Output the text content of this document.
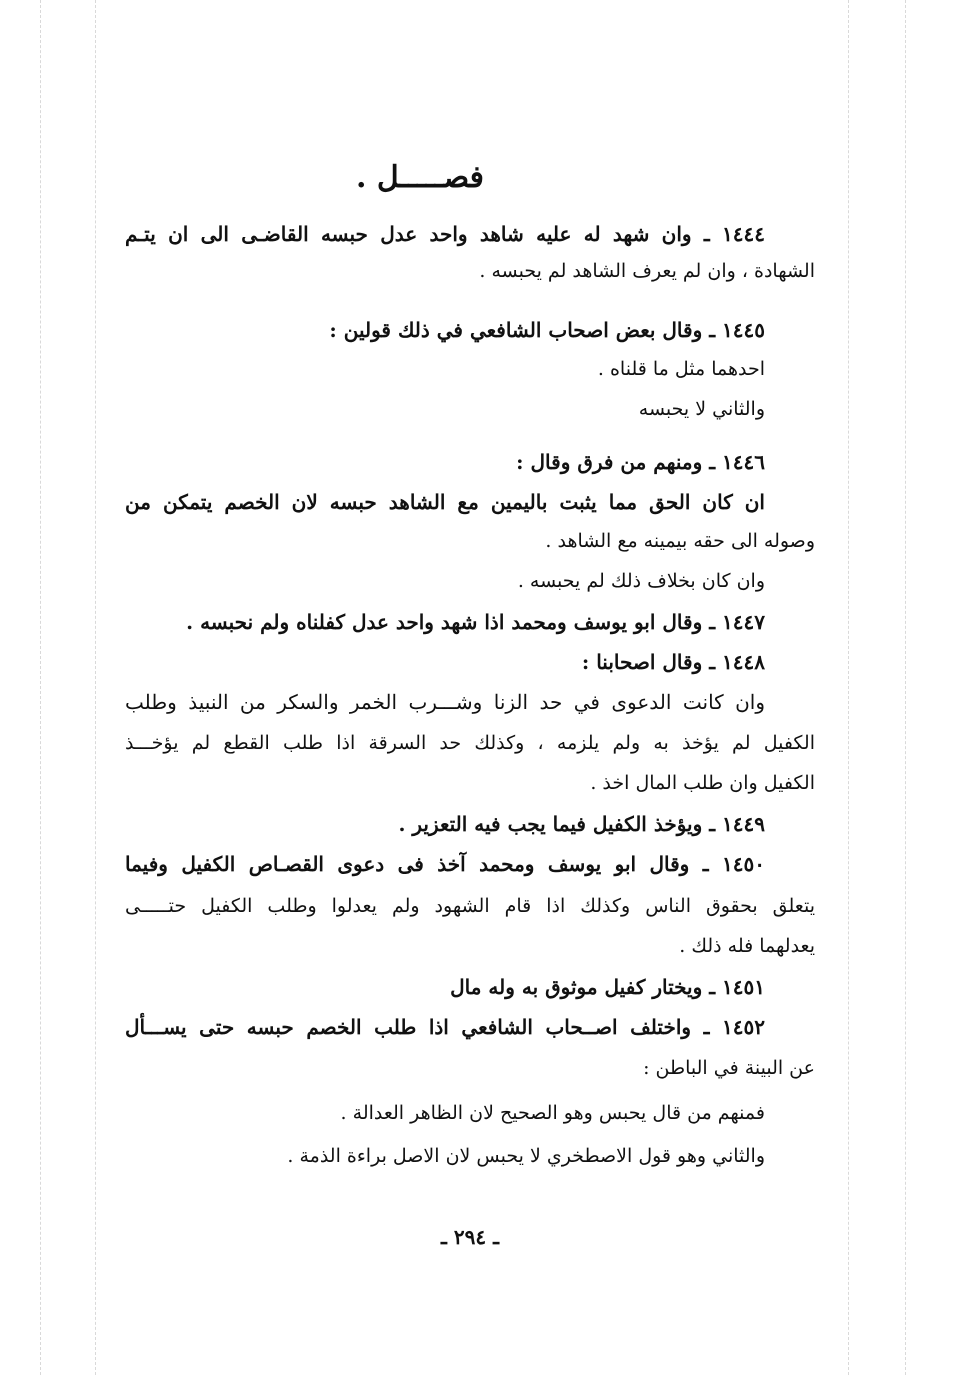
فصـــــل .
١٤٤٤ ـ وان شهد له عليه شاهد واحد عدل حبسه القاضـى الى ان يتـم
الشهادة ، وان لم يعرف الشاهد لم يحبسه .
١٤٤٥ ـ وقال بعض اصحاب الشافعي في ذلك قولين :
احدهما مثل ما قلناه .
والثاني لا يحبسه
١٤٤٦ ـ ومنهم من فرق وقال :
ان كان الحق مما يثبت باليمين مع الشاهد حبسه لان الخصم يتمكن من
وصوله الى حقه بيمينه مع الشاهد .
وان كان بخلاف ذلك لم يحبسه .
١٤٤٧ ـ وقال ابو يوسف ومحمد اذا شهد واحد عدل كفلناه ولم نحبسه .
١٤٤٨ ـ وقال اصحابنا :
وان كانت الدعوى في حد الزنا وشـــرب الخمر والسكر من النبيذ وطلب
الكفيل لم يؤخذ به ولم يلزمه ، وكذلك حد السرقة اذا طلب القطع لم يؤخـــذ
الكفيل وان طلب المال اخذ .
١٤٤٩ ـ ويؤخذ الكفيل فيما يجب فيه التعزير .
١٤٥٠ ـ وقال ابو يوسف ومحمد آخذ فى دعوى القصـاص الكفيل وفيما
يتعلق بحقوق الناس وكذلك اذا قام الشهود ولم يعدلوا وطلب الكفيل حتـــــى
يعدلهما فله ذلك .
١٤٥١ ـ ويختار كفيل موثوق به وله مال
١٤٥٢ ـ واختلف اصــحاب الشافعي اذا طلب الخصم حبسه حتى يســـأل
عن البينة في الباطن :
فمنهم من قال يحبس وهو الصحيح لان الظاهر العدالة .
والثاني وهو قول الاصطخري لا يحبس لان الاصل براءة الذمة .
ـ ٢٩٤ ـ
